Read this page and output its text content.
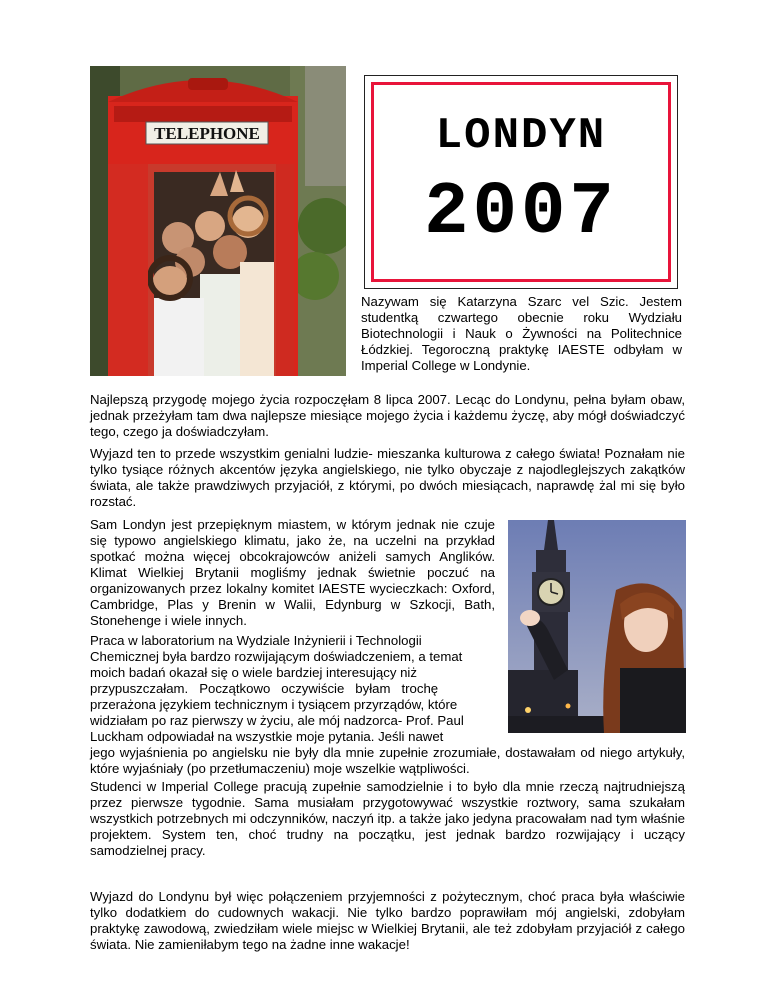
TELEPHONE	LONDYN
2007

Nazywam się Katarzyna Szarc vel Szic. Jestem studentką czwartego obecnie roku Wydziału Biotechnologii i Nauk o Żywności na Politechnice Łódzkiej. Tegoroczną praktykę IAESTE odbyłam w Imperial College w Londynie.

Najlepszą przygodę mojego życia rozpoczęłam 8 lipca 2007. Lecąc do Londynu, pełna byłam obaw, jednak przeżyłam tam dwa najlepsze miesiące mojego życia i każdemu życzę, aby mógł doświadczyć tego, czego ja doświadczyłam.

Wyjazd ten to przede wszystkim genialni ludzie- mieszanka kulturowa z całego świata! Poznałam nie tylko tysiące różnych akcentów języka angielskiego, nie tylko obyczaje z najodleglejszych zakątków świata, ale także prawdziwych przyjaciół, z którymi, po dwóch miesiącach, naprawdę żal mi się było rozstać.

Sam Londyn jest przepięknym miastem, w którym jednak nie czuje się typowo angielskiego klimatu, jako że, na uczelni na przykład spotkać można więcej obcokrajowców aniżeli samych Anglików. Klimat Wielkiej Brytanii mogliśmy jednak świetnie poczuć na organizowanych przez lokalny komitet IAESTE wycieczkach: Oxford, Cambridge, Plas y Brenin w Walii, Edynburg w Szkocji, Bath, Stonehenge i wiele innych.

Praca w laboratorium na Wydziale Inżynierii i Technologii
Chemicznej była bardzo rozwijającym doświadczeniem, a temat
moich badań okazał się o wiele bardziej interesujący niż
przypuszczałam.   Początkowo   oczywiście   byłam   trochę
przerażona językiem technicznym i tysiącem przyrządów, które
widziałam po raz pierwszy w życiu, ale mój nadzorca- Prof. Paul
Luckham odpowiadał na wszystkie moje pytania. Jeśli nawet
jego wyjaśnienia po angielsku nie były dla mnie zupełnie zrozumiałe, dostawałam od niego artykuły, które wyjaśniały (po przetłumaczeniu) moje wszelkie wątpliwości.

Studenci w Imperial College pracują zupełnie samodzielnie i to było dla mnie rzeczą najtrudniejszą przez pierwsze tygodnie. Sama musiałam przygotowywać wszystkie roztwory, sama szukałam wszystkich potrzebnych mi odczynników, naczyń itp. a także jako jedyna pracowałam nad tym właśnie projektem. System ten, choć trudny na początku, jest jednak bardzo rozwijający i uczący samodzielnej pracy.

Wyjazd do Londynu był więc połączeniem przyjemności z pożytecznym, choć praca była właściwie tylko dodatkiem do cudownych wakacji. Nie tylko bardzo poprawiłam mój angielski, zdobyłam praktykę zawodową, zwiedziłam wiele miejsc w Wielkiej Brytanii, ale też zdobyłam przyjaciół z całego świata. Nie zamieniłabym tego na żadne inne wakacje!
